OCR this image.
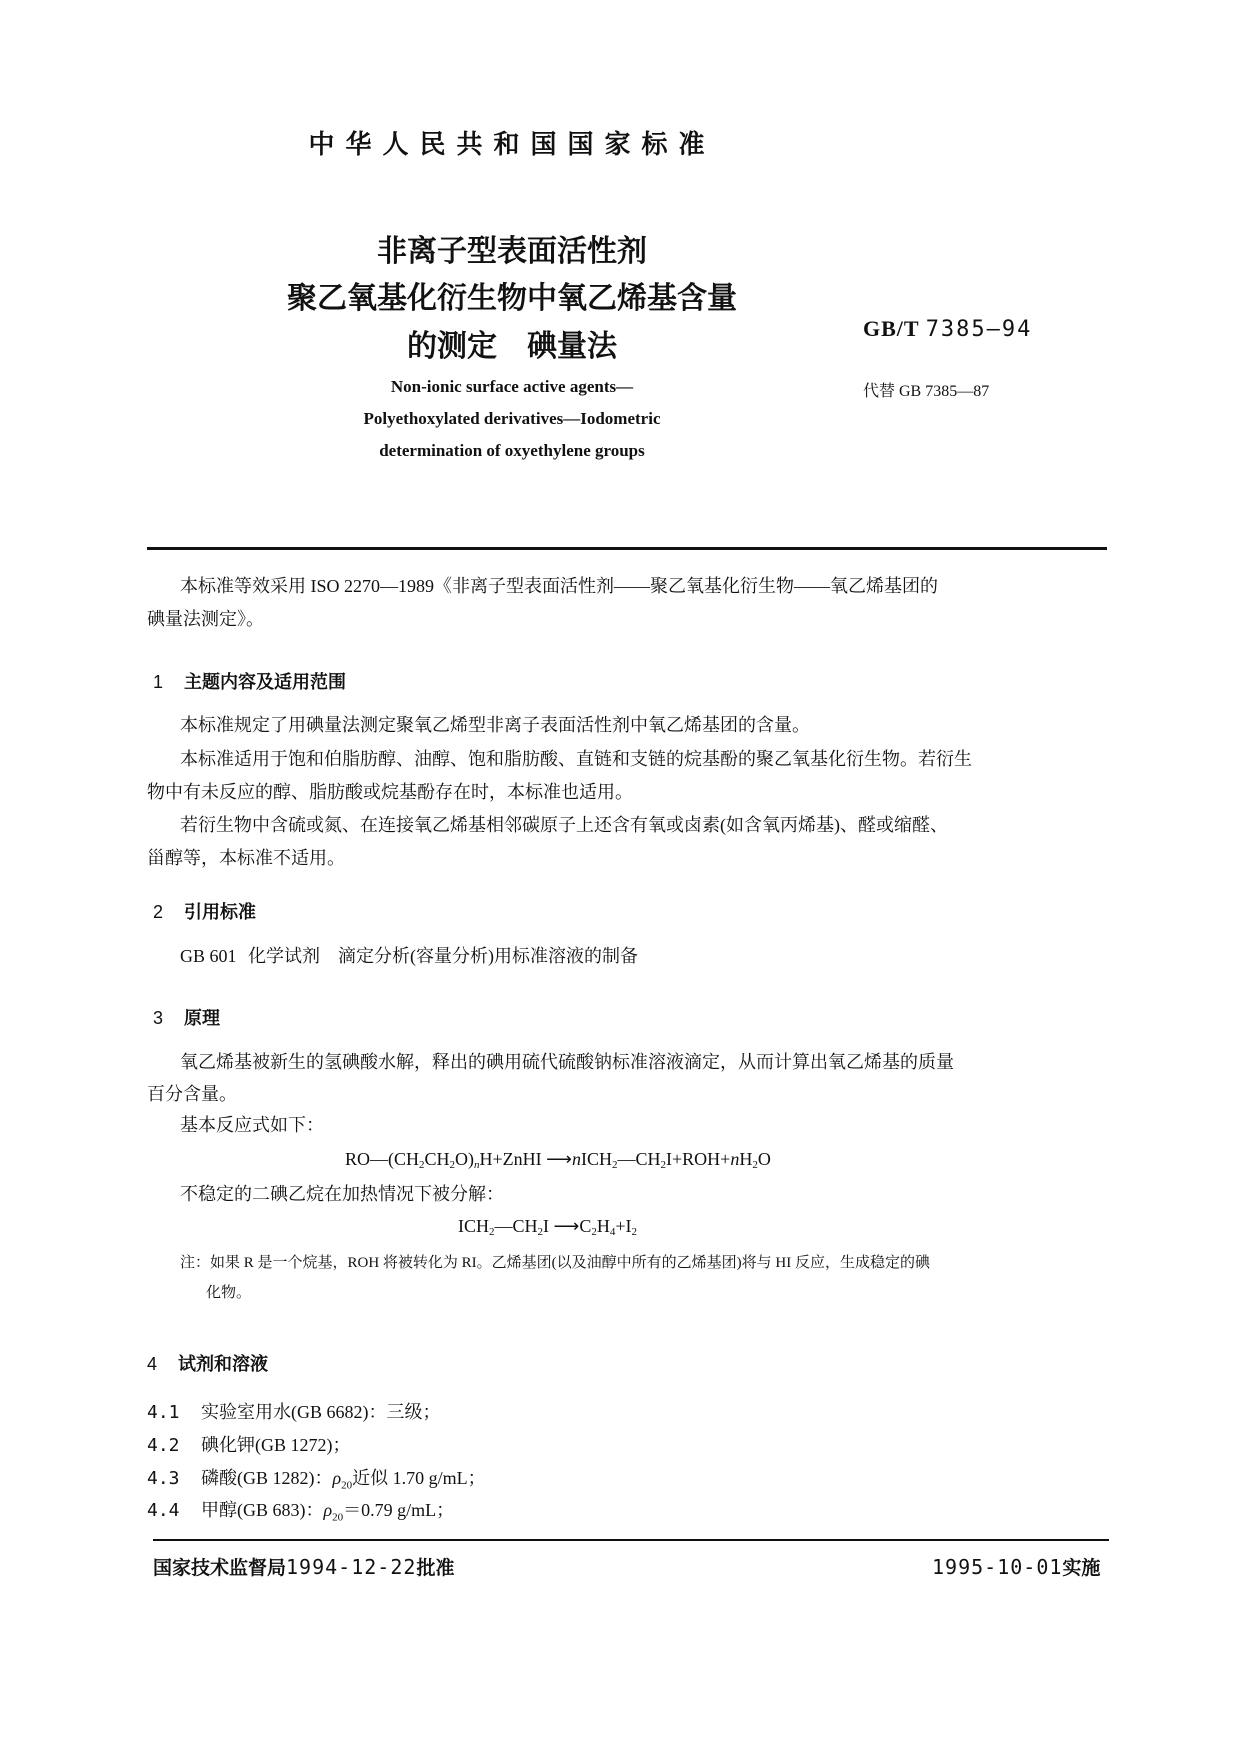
中华人民共和国国家标准
非离子型表面活性剂
聚乙氧基化衍生物中氧乙烯基含量
的测定　碘量法
GB/T 7385—94
Non-ionic surface active agents—
Polyethoxylated derivatives—Iodometric
determination of oxyethylene groups
代替 GB 7385—87
本标准等效采用 ISO 2270—1989《非离子型表面活性剂——聚乙氧基化衍生物——氧乙烯基团的
碘量法测定》。
1 主题内容及适用范围
本标准规定了用碘量法测定聚氧乙烯型非离子表面活性剂中氧乙烯基团的含量。
本标准适用于饱和伯脂肪醇、油醇、饱和脂肪酸、直链和支链的烷基酚的聚乙氧基化衍生物。若衍生
物中有未反应的醇、脂肪酸或烷基酚存在时，本标准也适用。
若衍生物中含硫或氮、在连接氧乙烯基相邻碳原子上还含有氧或卤素(如含氧丙烯基)、醛或缩醛、
甾醇等，本标准不适用。
2 引用标准
GB 601 化学试剂　滴定分析(容量分析)用标准溶液的制备
3 原理
氧乙烯基被新生的氢碘酸水解，释出的碘用硫代硫酸钠标准溶液滴定，从而计算出氧乙烯基的质量
百分含量。
基本反应式如下：
$RO—(CH_2CH_2O)_nH+ZnHI$ $⟶nICH_2—CH_2I+ROH+nH_2O$
不稳定的二碘乙烷在加热情况下被分解：
$ICH_2—CH_2I$ $⟶C_2H_4+I_2$
注：如果 R 是一个烷基，ROH 将被转化为 RI。乙烯基团(以及油醇中所有的乙烯基团)将与 HI 反应，生成稳定的碘
化物。
4 试剂和溶液
4.1 实验室用水(GB 6682)：三级；
4.2 碘化钾(GB 1272)；
4.3 磷酸(GB 1282)：$\rho_{20}$近似 1.70 g/mL；
4.4 甲醇(GB 683)：$\rho_{20}=0.79$ g/mL；
国家技术监督局1994-12-22批准	1995-10-01实施
